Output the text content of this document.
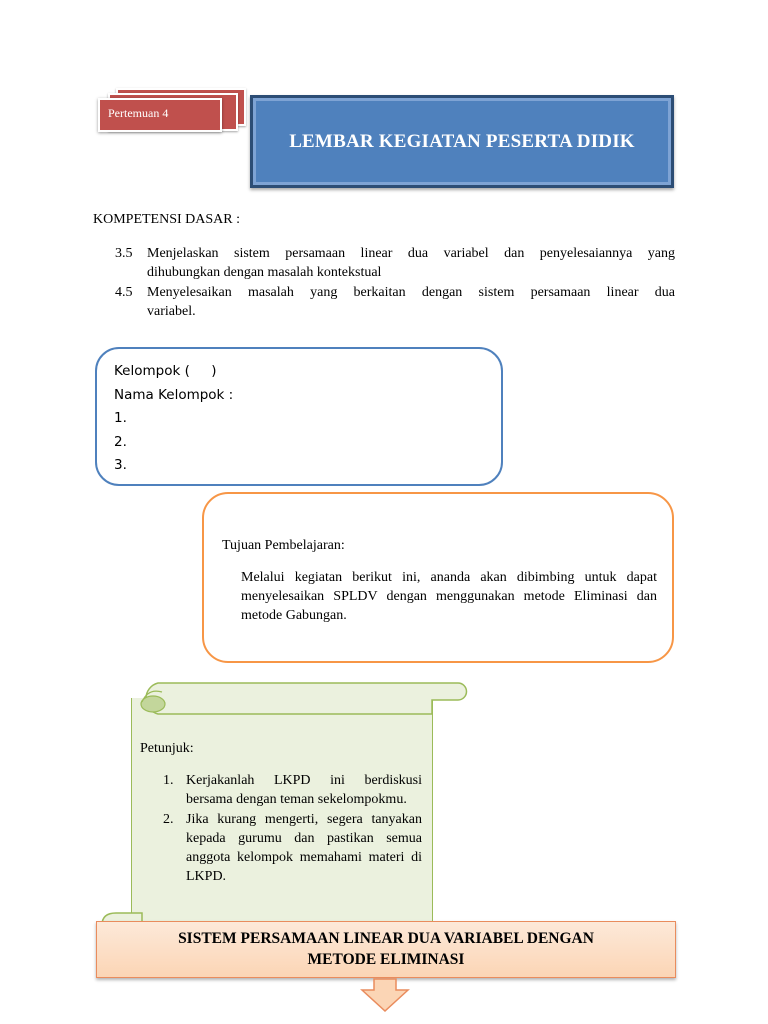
Pertemuan 4
LEMBAR KEGIATAN PESERTA DIDIK
KOMPETENSI DASAR :
3.5 Menjelaskan sistem persamaan linear dua variabel dan penyelesaiannya yang
dihubungkan dengan masalah kontekstual
4.5 Menyelesaikan masalah yang berkaitan dengan sistem persamaan linear dua
variabel.
Kelompok (     )
Nama Kelompok :
1.
2.
3.
Tujuan Pembelajaran:
Melalui kegiatan berikut ini, ananda akan dibimbing untuk dapat menyelesaikan SPLDV dengan menggunakan metode Eliminasi dan metode Gabungan.
Petunjuk:
1. Kerjakanlah LKPD ini berdiskusi bersama dengan teman sekelompokmu.
2. Jika kurang mengerti, segera tanyakan kepada gurumu dan pastikan semua anggota kelompok memahami materi di LKPD.
SISTEM PERSAMAAN LINEAR DUA VARIABEL DENGAN
METODE ELIMINASI
